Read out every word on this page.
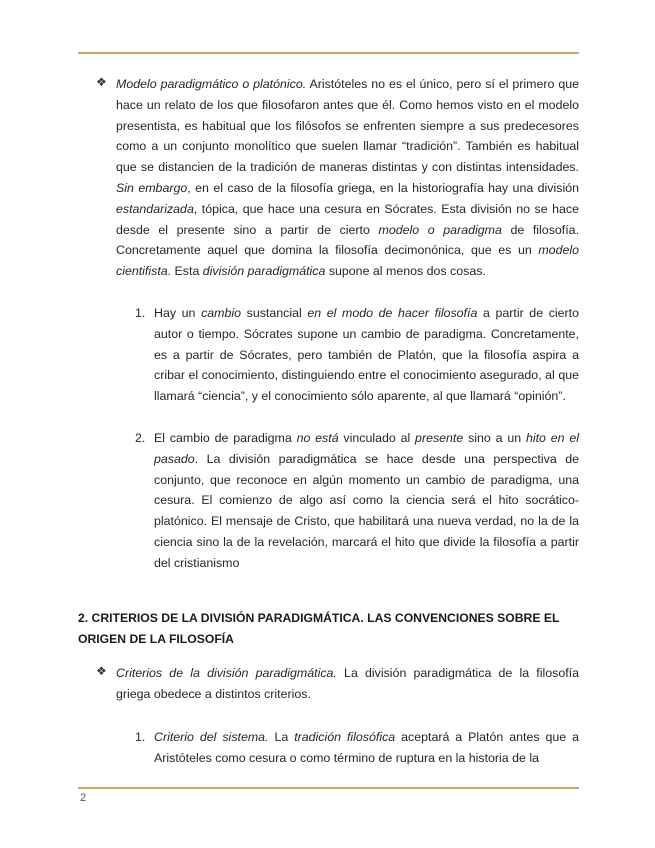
❖ Modelo paradigmático o platónico. Aristóteles no es el único, pero sí el primero que hace un relato de los que filosofaron antes que él. Como hemos visto en el modelo presentista, es habitual que los filósofos se enfrenten siempre a sus predecesores como a un conjunto monolítico que suelen llamar “tradición”. También es habitual que se distancien de la tradición de maneras distintas y con distintas intensidades. Sin embargo, en el caso de la filosofía griega, en la historiografía hay una división estandarizada, tópica, que hace una cesura en Sócrates. Esta división no se hace desde el presente sino a partir de cierto modelo o paradigma de filosofía. Concretamente aquel que domina la filosofía decimonónica, que es un modelo cientifista. Esta división paradigmática supone al menos dos cosas.

1. Hay un cambio sustancial en el modo de hacer filosofía a partir de cierto autor o tiempo. Sócrates supone un cambio de paradigma. Concretamente, es a partir de Sócrates, pero también de Platón, que la filosofía aspira a cribar el conocimiento, distinguiendo entre el conocimiento asegurado, al que llamará “ciencia”, y el conocimiento sólo aparente, al que llamará “opinión”.

2. El cambio de paradigma no está vinculado al presente sino a un hito en el pasado. La división paradigmática se hace desde una perspectiva de conjunto, que reconoce en algún momento un cambio de paradigma, una cesura. El comienzo de algo así como la ciencia será el hito socrático-platónico. El mensaje de Cristo, que habilitará una nueva verdad, no la de la ciencia sino la de la revelación, marcará el hito que divide la filosofía a partir del cristianismo

2. CRITERIOS DE LA DIVISIÓN PARADIGMÁTICA. LAS CONVENCIONES SOBRE EL ORIGEN DE LA FILOSOFÍA
❖ Criterios de la división paradigmática. La división paradigmática de la filosofía griega obedece a distintos criterios.

1. Criterio del sistema. La tradición filosófica aceptará a Platón antes que a Aristóteles como cesura o como término de ruptura en la historia de la

2
